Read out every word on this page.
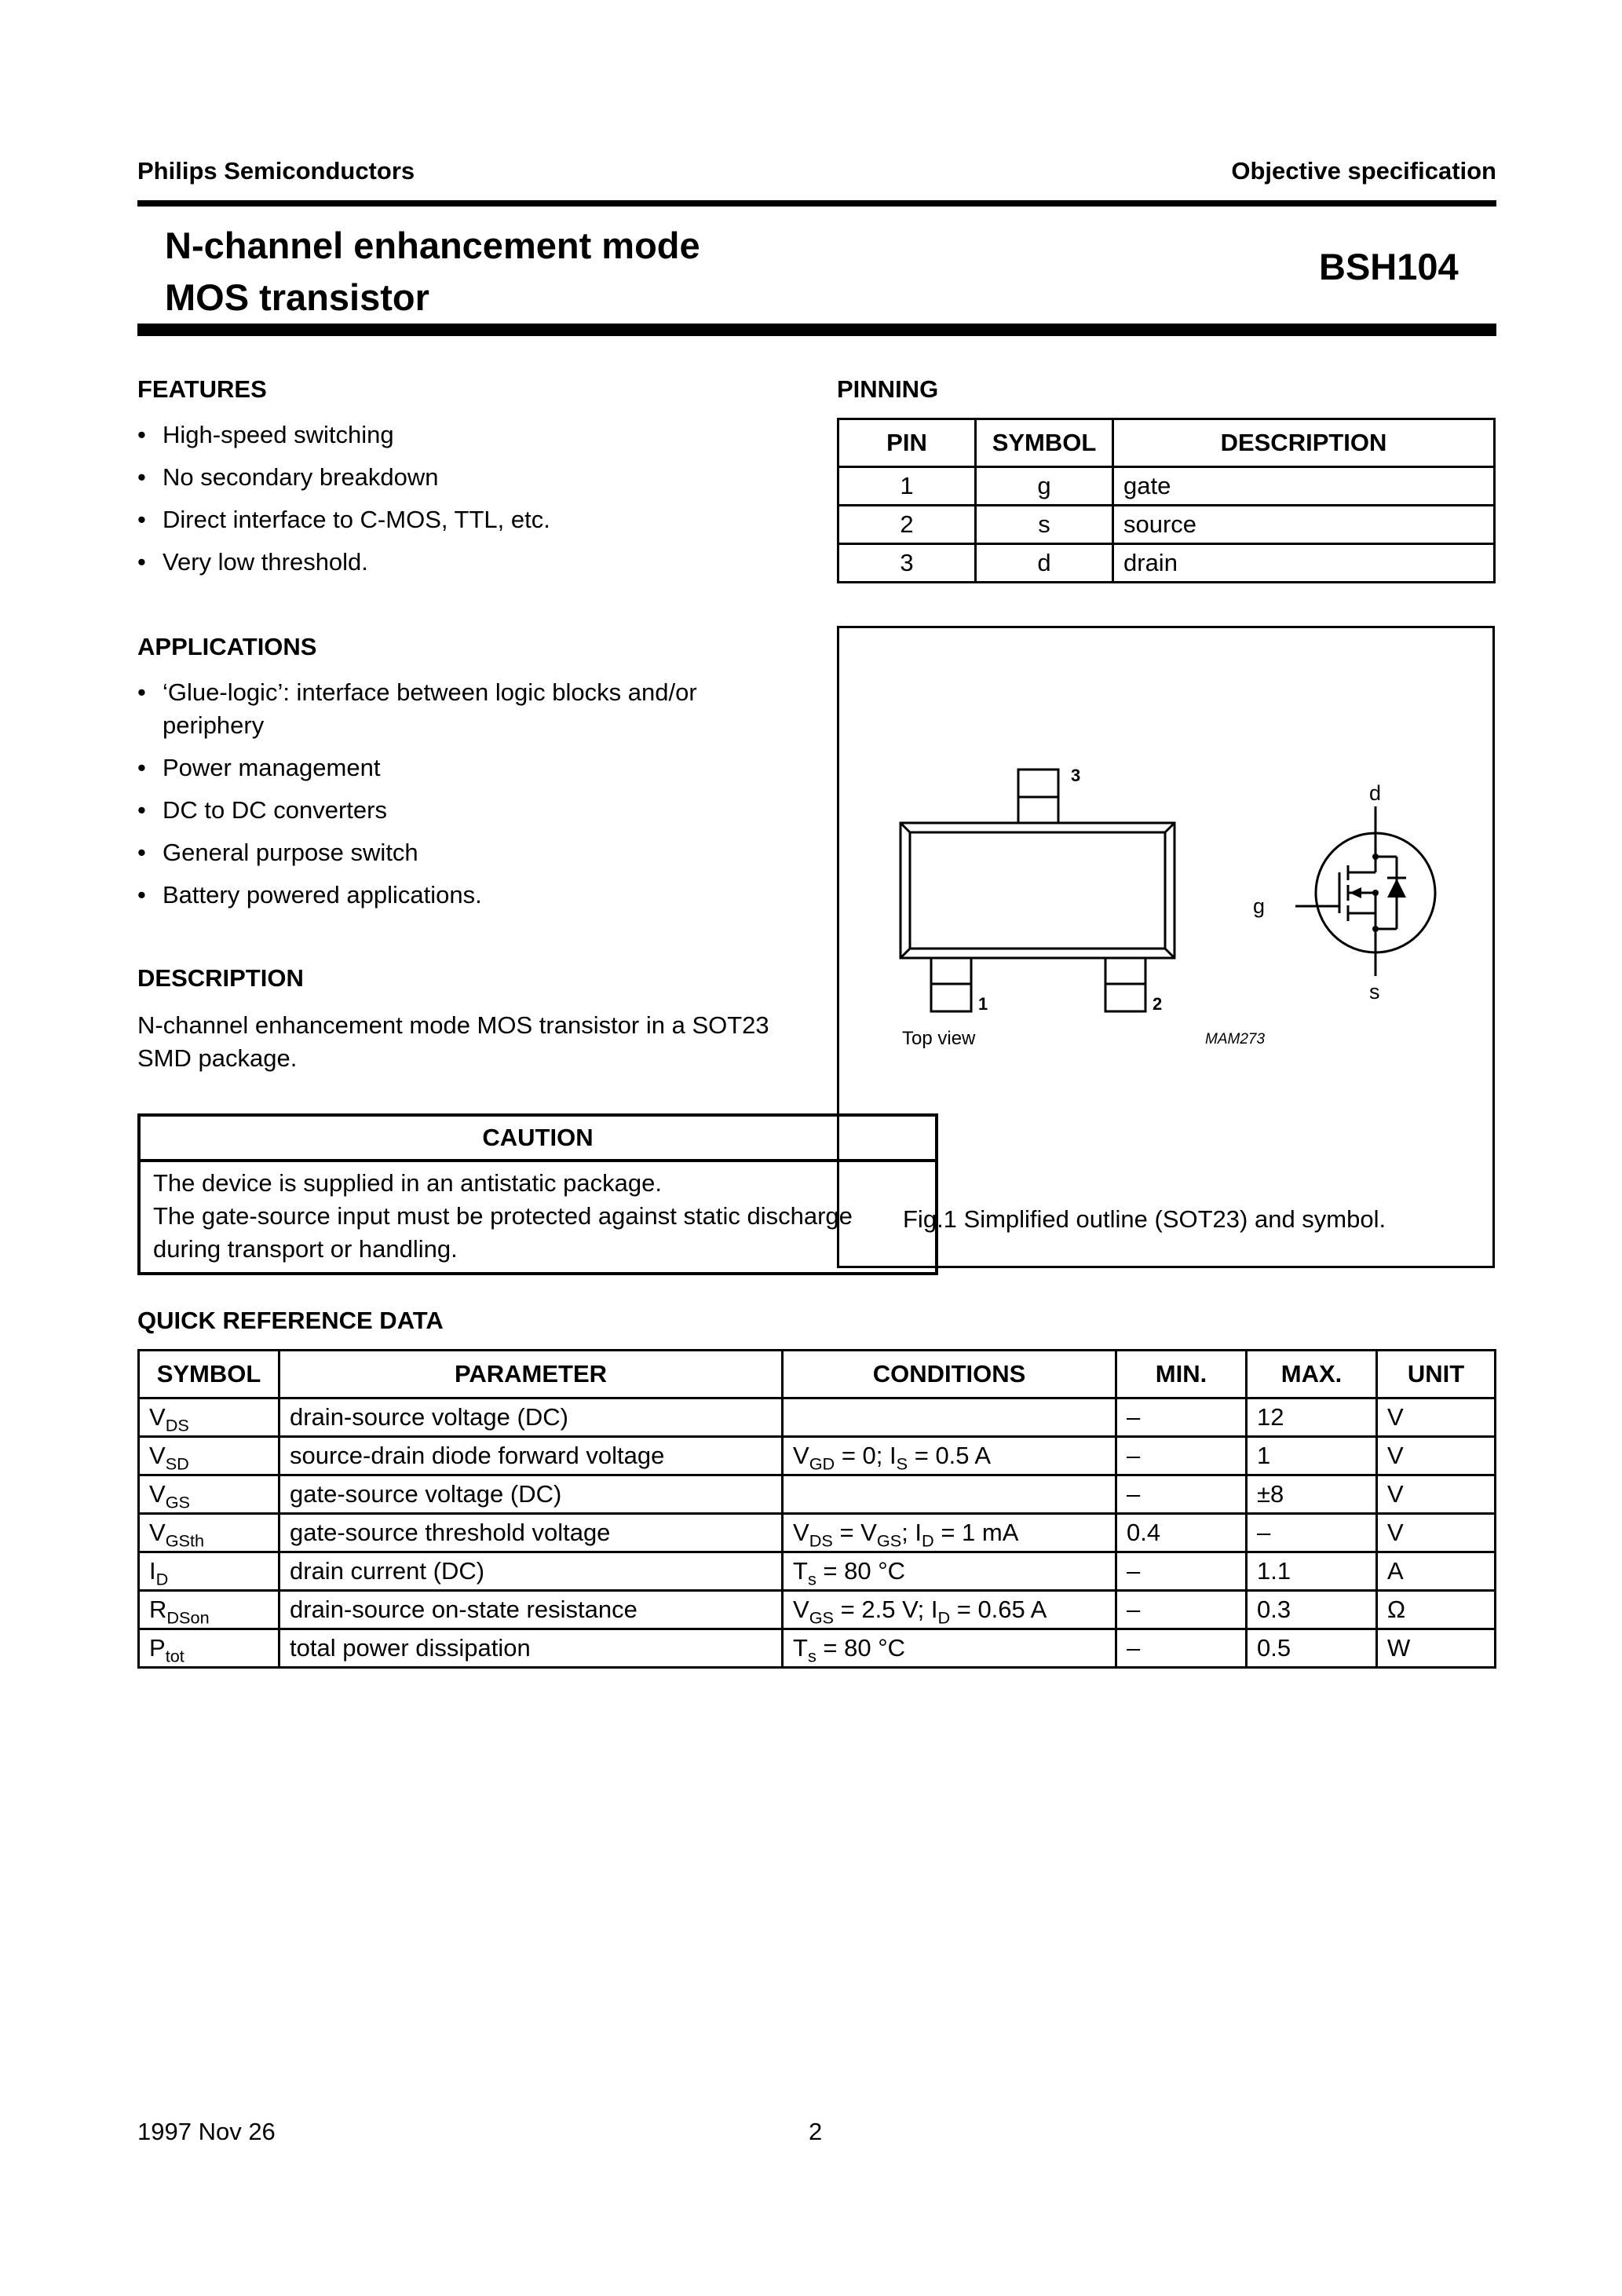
Philips Semiconductors	Objective specification
N-channel enhancement mode
MOS transistor
BSH104
FEATURES
• High-speed switching
• No secondary breakdown
• Direct interface to C-MOS, TTL, etc.
• Very low threshold.
APPLICATIONS
• ‘Glue-logic’: interface between logic blocks and/or periphery
• Power management
• DC to DC converters
• General purpose switch
• Battery powered applications.
DESCRIPTION
N-channel enhancement mode MOS transistor in a SOT23 SMD package.
CAUTION
The device is supplied in an antistatic package.
The gate-source input must be protected against static discharge during transport or handling.
PINNING
PIN	SYMBOL	DESCRIPTION
1	g	gate
2	s	source
3	d	drain
3
1	2
Top view	MAM273
d
g
s
Fig.1 Simplified outline (SOT23) and symbol.
QUICK REFERENCE DATA
SYMBOL	PARAMETER	CONDITIONS	MIN.	MAX.	UNIT
$V_{DS}$	drain-source voltage (DC)		–	12	V
$V_{SD}$	source-drain diode forward voltage	$V_{GD} = 0$; $I_S = 0.5$ A	–	1	V
$V_{GS}$	gate-source voltage (DC)		–	±8	V
$V_{GSth}$	gate-source threshold voltage	$V_{DS} = V_{GS}$; $I_D = 1$ mA	0.4	–	V
$I_D$	drain current (DC)	$T_s = 80$ °C	–	1.1	A
$R_{DSon}$	drain-source on-state resistance	$V_{GS} = 2.5$ V; $I_D = 0.65$ A	–	0.3	Ω
$P_{tot}$	total power dissipation	$T_s = 80$ °C	–	0.5	W
1997 Nov 26	2
